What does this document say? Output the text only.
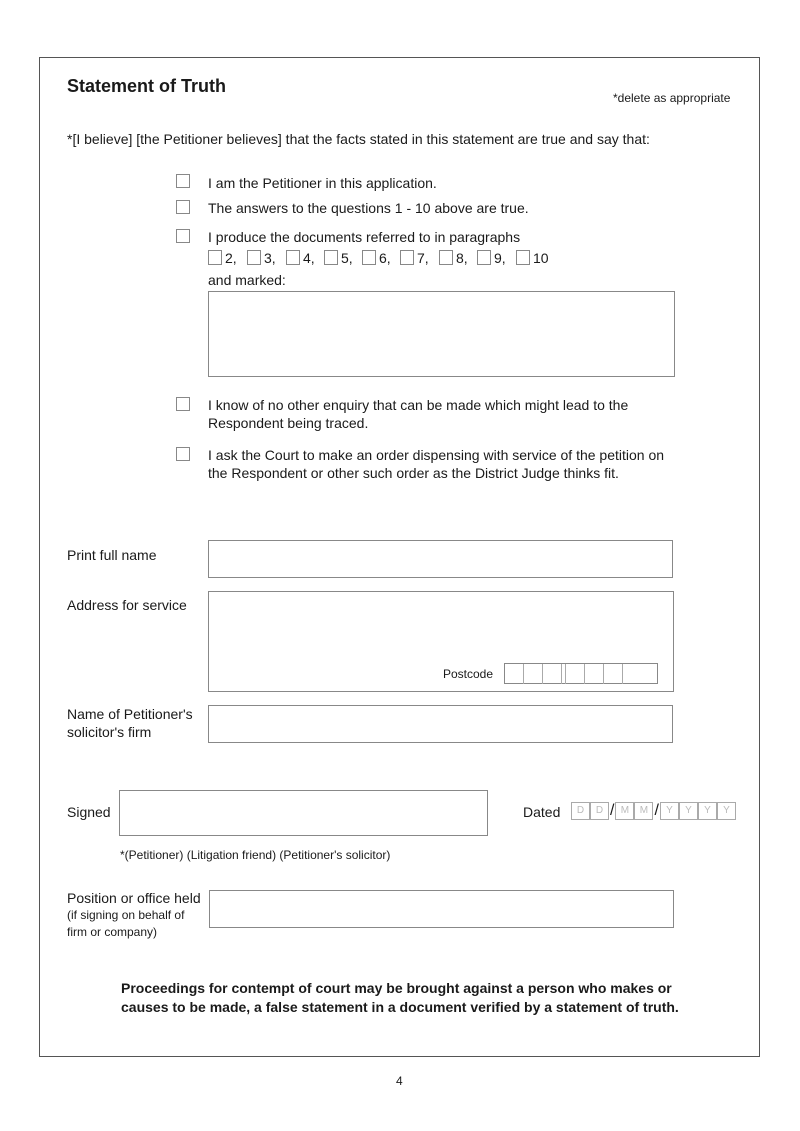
Statement of Truth
*delete as appropriate
*[I believe] [the Petitioner believes] that the facts stated in this statement are true and say that:
I am the Petitioner in this application.
The answers to the questions 1 - 10 above are true.
I produce the documents referred to in paragraphs
2, 3, 4, 5, 6, 7, 8, 9, 10
and marked:
I know of no other enquiry that can be made which might lead to the
Respondent being traced.
I ask the Court to make an order dispensing with service of the petition on
the Respondent or other such order as the District Judge thinks fit.
Print full name
Address for service
Postcode
Name of Petitioner's
solicitor's firm
Signed	Dated	D	D / M	M / Y	Y	Y	Y
*(Petitioner) (Litigation friend) (Petitioner's solicitor)
Position or office held
(if signing on behalf of
firm or company)
Proceedings for contempt of court may be brought against a person who makes or
causes to be made, a false statement in a document verified by a statement of truth.
4
